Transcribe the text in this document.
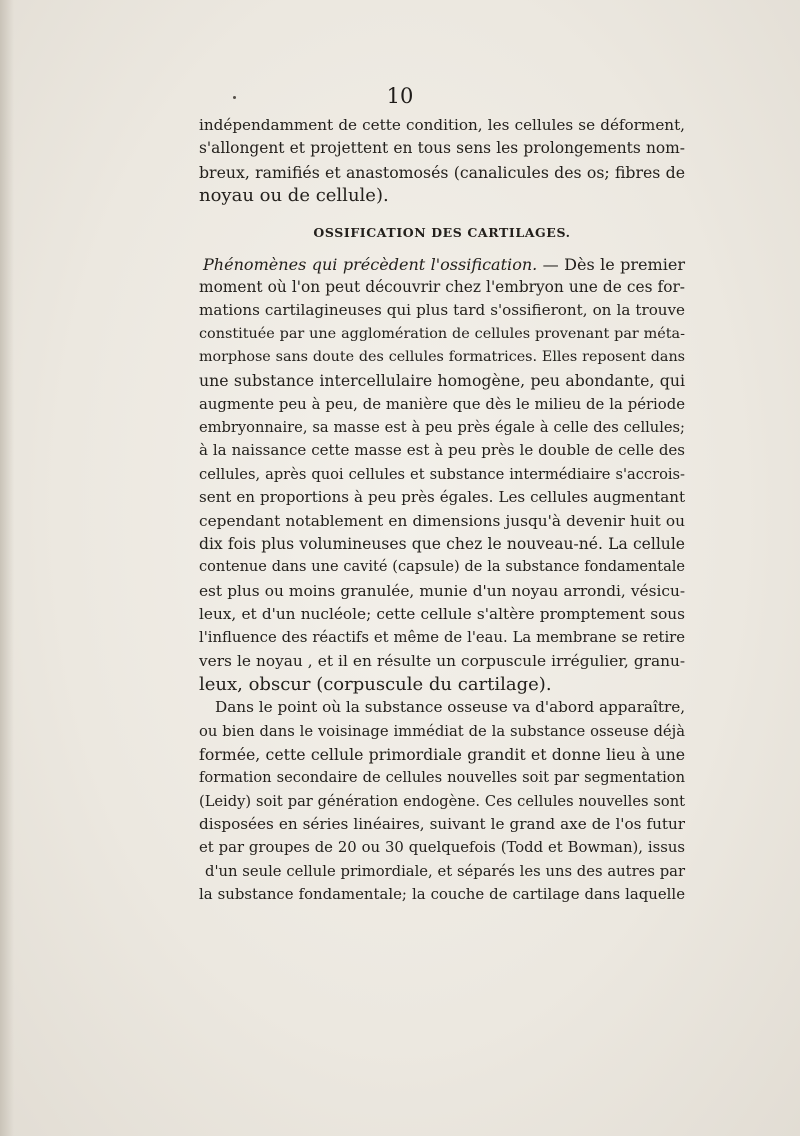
10
indépendamment de cette condition, les cellules se déforment,
s'allongent et projettent en tous sens les prolongements nom-
breux, ramifiés et anastomosés (canalicules des os; fibres de
noyau ou de cellule).
OSSIFICATION DES CARTILAGES.
Phénomènes qui précèdent l'ossification. — Dès le premier
moment où l'on peut découvrir chez l'embryon une de ces for-
mations cartilagineuses qui plus tard s'ossifieront, on la trouve
constituée par une agglomération de cellules provenant par méta-
morphose sans doute des cellules formatrices. Elles reposent dans
une substance intercellulaire homogène, peu abondante, qui
augmente peu à peu, de manière que dès le milieu de la période
embryonnaire, sa masse est à peu près égale à celle des cellules;
à la naissance cette masse est à peu près le double de celle des
cellules, après quoi cellules et substance intermédiaire s'accrois-
sent en proportions à peu près égales. Les cellules augmentant
cependant notablement en dimensions jusqu'à devenir huit ou
dix fois plus volumineuses que chez le nouveau-né. La cellule
contenue dans une cavité (capsule) de la substance fondamentale
est plus ou moins granulée, munie d'un noyau arrondi, vésicu-
leux, et d'un nucléole; cette cellule s'altère promptement sous
l'influence des réactifs et même de l'eau. La membrane se retire
vers le noyau , et il en résulte un corpuscule irrégulier, granu-
leux, obscur (corpuscule du cartilage).
Dans le point où la substance osseuse va d'abord apparaître,
ou bien dans le voisinage immédiat de la substance osseuse déjà
formée, cette cellule primordiale grandit et donne lieu à une
formation secondaire de cellules nouvelles soit par segmentation
(Leidy) soit par génération endogène. Ces cellules nouvelles sont
disposées en séries linéaires, suivant le grand axe de l'os futur
et par groupes de 20 ou 30 quelquefois (Todd et Bowman), issus
d'un seule cellule primordiale, et séparés les uns des autres par
la substance fondamentale; la couche de cartilage dans laquelle
